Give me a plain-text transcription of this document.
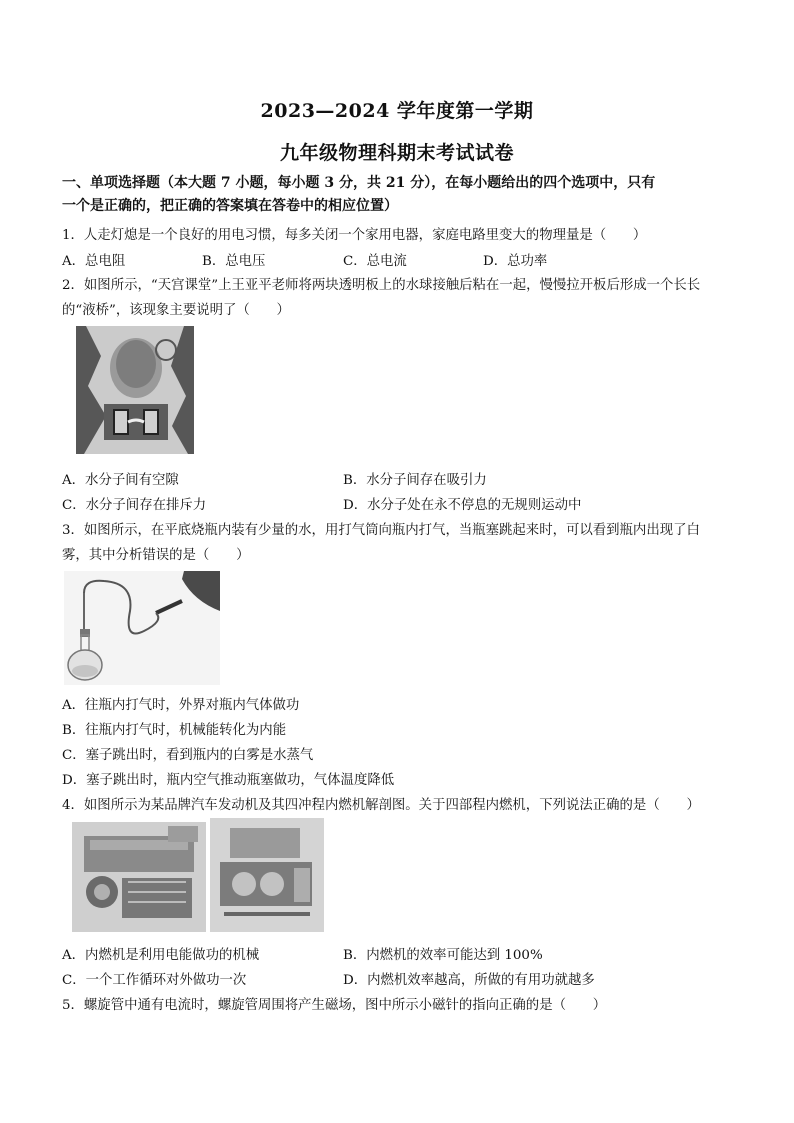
2023—2024 学年度第一学期
九年级物理科期末考试试卷
一、单项选择题（本大题 7 小题，每小题 3 分，共 21 分），在每小题给出的四个选项中，只有
一个是正确的，把正确的答案填在答卷中的相应位置）
1．人走灯熄是一个良好的用电习惯，每多关闭一个家用电器，家庭电路里变大的物理量是（　　）
A．总电阻	B．总电压	C．总电流	D．总功率
2．如图所示，“天宫课堂”上王亚平老师将两块透明板上的水球接触后粘在一起，慢慢拉开板后形成一个长长
的“液桥”，该现象主要说明了（　　）
A．水分子间有空隙	B．水分子间存在吸引力
C．水分子间存在排斥力	D．水分子处在永不停息的无规则运动中
3．如图所示，在平底烧瓶内装有少量的水，用打气筒向瓶内打气，当瓶塞跳起来时，可以看到瓶内出现了白
雾，其中分析错误的是（　　）
A．往瓶内打气时，外界对瓶内气体做功
B．往瓶内打气时，机械能转化为内能
C．塞子跳出时，看到瓶内的白雾是水蒸气
D．塞子跳出时，瓶内空气推动瓶塞做功，气体温度降低
4．如图所示为某品牌汽车发动机及其四冲程内燃机解剖图。关于四部程内燃机，下列说法正确的是（　　）
A．内燃机是利用电能做功的机械	B．内燃机的效率可能达到 100%
C．一个工作循环对外做功一次	D．内燃机效率越高，所做的有用功就越多
5．螺旋管中通有电流时，螺旋管周围将产生磁场，图中所示小磁针的指向正确的是（　　）
